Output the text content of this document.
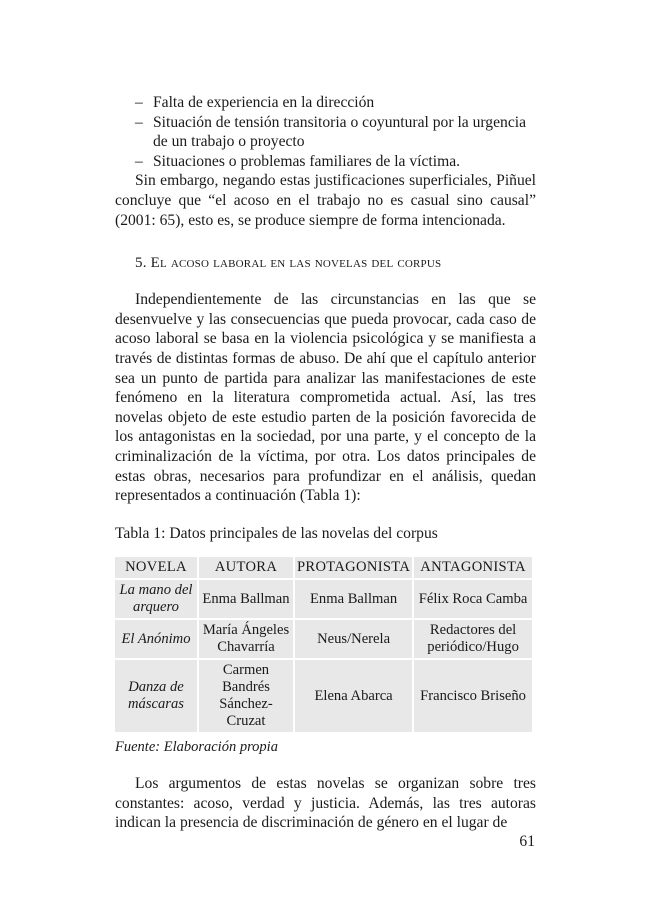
– Falta de experiencia en la dirección
– Situación de tensión transitoria o coyuntural por la urgencia de un trabajo o proyecto
– Situaciones o problemas familiares de la víctima.

Sin embargo, negando estas justificaciones superficiales, Piñuel concluye que “el acoso en el trabajo no es casual sino causal” (2001: 65), esto es, se produce siempre de forma intencionada.

5. El acoso laboral en las novelas del corpus

Independientemente de las circunstancias en las que se desenvuelve y las consecuencias que pueda provocar, cada caso de acoso laboral se basa en la violencia psicológica y se manifiesta a través de distintas formas de abuso. De ahí que el capítulo anterior sea un punto de partida para analizar las manifestaciones de este fenómeno en la literatura comprometida actual. Así, las tres novelas objeto de este estudio parten de la posición favorecida de los antagonistas en la sociedad, por una parte, y el concepto de la criminalización de la víctima, por otra. Los datos principales de estas obras, necesarios para profundizar en el análisis, quedan representados a continuación (Tabla 1):

Tabla 1: Datos principales de las novelas del corpus
NOVELA	AUTORA	PROTAGONISTA	ANTAGONISTA
La mano del arquero	Enma Ballman	Enma Ballman	Félix Roca Camba
El Anónimo	María Ángeles Chavarría	Neus/Nerela	Redactores del periódico/Hugo
Danza de máscaras	Carmen Bandrés Sánchez-Cruzat	Elena Abarca	Francisco Briseño
Fuente: Elaboración propia

Los argumentos de estas novelas se organizan sobre tres constantes: acoso, verdad y justicia. Además, las tres autoras indican la presencia de discriminación de género en el lugar de

61
